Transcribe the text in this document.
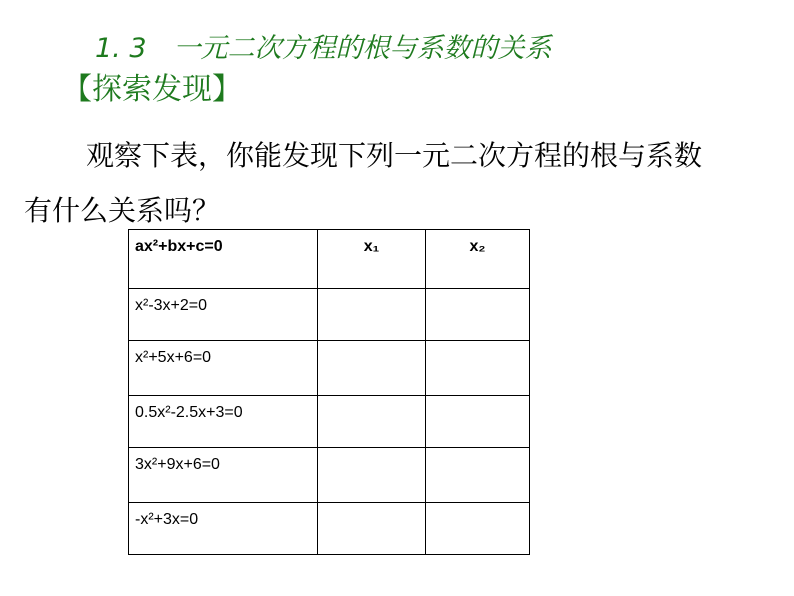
1. 3　一元二次方程的根与系数的关系
【探索发现】
观察下表，你能发现下列一元二次方程的根与系数
有什么关系吗？
ax²+bx+c=0	x₁	x₂
x²-3x+2=0		
x²+5x+6=0		
0.5x²-2.5x+3=0		
3x²+9x+6=0		
-x²+3x=0		
